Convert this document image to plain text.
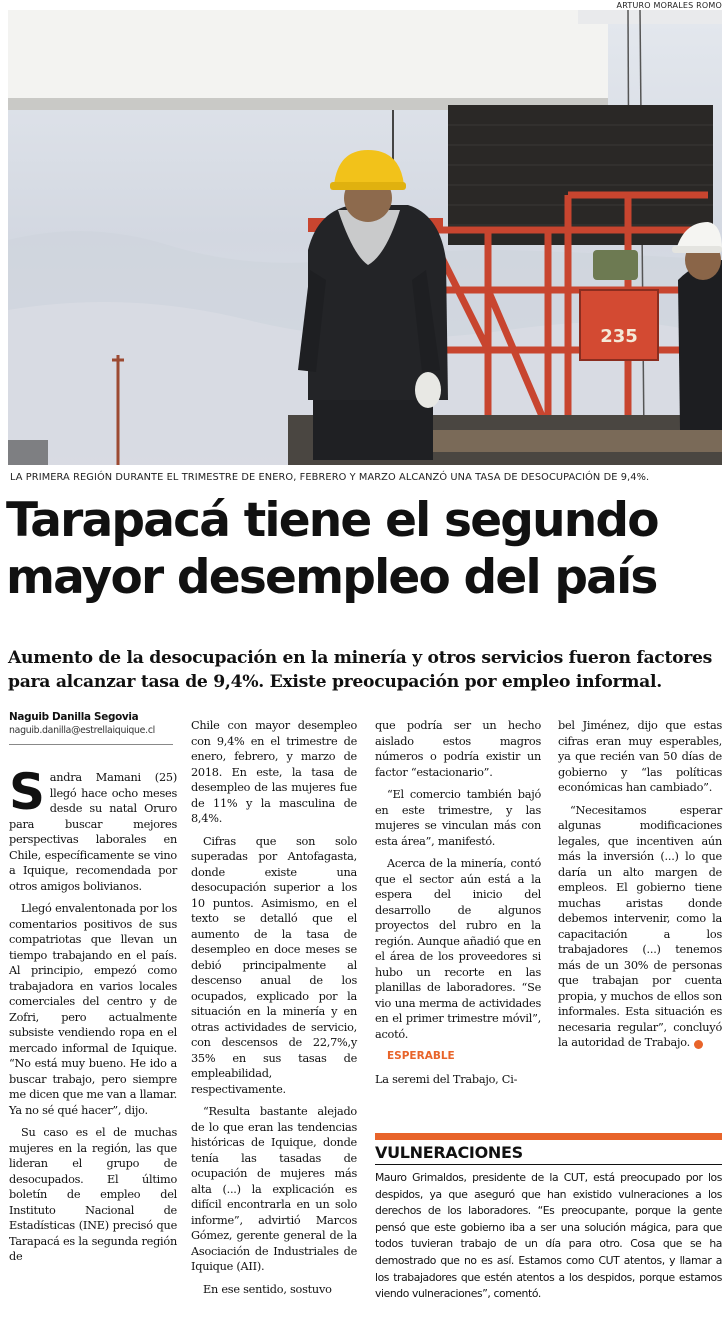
235
ARTURO MORALES ROMO
LA PRIMERA REGIÓN DURANTE EL TRIMESTRE DE ENERO, FEBRERO Y MARZO ALCANZÓ UNA TASA DE DESOCUPACIÓN DE 9,4%.
Tarapacá tiene el segundo
mayor desempleo del país
Aumento de la desocupación en la minería y otros servicios fueron factores para alcanzar tasa de 9,4%. Existe preocupación por empleo informal.
Naguib Danilla Segovia
naguib.danilla@estrellaiquique.cl

Sandra Mamani (25) llegó hace ocho meses desde su natal Oruro para buscar mejores perspectivas laborales en Chile, específicamente se vino a Iquique, recomendada por otros amigos bolivianos.

Llegó envalentonada por los comentarios positivos de sus compatriotas que llevan un tiempo trabajando en el país. Al principio, empezó como trabajadora en varios locales comerciales del centro y de Zofri, pero actualmente subsiste vendiendo ropa en el mercado informal de Iquique. “No está muy bueno. He ido a buscar trabajo, pero siempre me dicen que me van a llamar. Ya no sé qué hacer”, dijo.

Su caso es el de muchas mujeres en la región, las que lideran el grupo de desocupados. El último boletín de empleo del Instituto Nacional de Estadísticas (INE) precisó que Tarapacá es la segunda región de

Chile con mayor desempleo con 9,4% en el trimestre de enero, febrero, y marzo de 2018. En este, la tasa de desempleo de las mujeres fue de 11% y la masculina de 8,4%.

Cifras que son solo superadas por Antofagasta, donde existe una desocupación superior a los 10 puntos. Asimismo, en el texto se detalló que el aumento de la tasa de desempleo en doce meses se debió principalmente al descenso anual de los ocupados, explicado por la situación en la minería y en otras actividades de servicio, con descensos de 22,7%,y 35% en sus tasas de empleabilidad, respectivamente.

“Resulta bastante alejado de lo que eran las tendencias históricas de Iquique, donde tenía las tasadas de ocupación de mujeres más alta (...) la explicación es difícil encontrarla en un solo informe”, advirtió Marcos Gómez, gerente general de la Asociación de Industriales de Iquique (AII).

En ese sentido, sostuvo

que podría ser un hecho aislado estos magros números o podría existir un factor “estacionario”.

“El comercio también bajó en este trimestre, y las mujeres se vinculan más con esta área”, manifestó.

Acerca de la minería, contó que el sector aún está a la espera del inicio del desarrollo de algunos proyectos del rubro en la región. Aunque añadió que en el área de los proveedores si hubo un recorte en las planillas de laboradores. “Se vio una merma de actividades en el primer trimestre móvil”, acotó.

ESPERABLE

La seremi del Trabajo, Ci-

bel Jiménez, dijo que estas cifras eran muy esperables, ya que recién van 50 días de gobierno y “las políticas económicas han cambiado”.

“Necesitamos esperar algunas modificaciones legales, que incentiven aún más la inversión (...) lo que daría un alto margen de empleos. El gobierno tiene muchas aristas donde debemos intervenir, como la capacitación a los trabajadores (...) tenemos más de un 30% de personas que trabajan por cuenta propia, y muchos de ellos son informales. Esta situación es necesaria regular”, concluyó la autoridad de Trabajo. ✪

VULNERACIONES
Mauro Grimaldos, presidente de la CUT, está preocupado por los despidos, ya que aseguró que han existido vulneraciones a los derechos de los laboradores. “Es preocupante, porque la gente pensó que este gobierno iba a ser una solución mágica, para que todos tuvieran trabajo de un día para otro. Cosa que se ha demostrado que no es así. Estamos como CUT atentos, y llamar a los trabajadores que estén atentos a los despidos, porque estamos viendo vulneraciones”, comentó.
